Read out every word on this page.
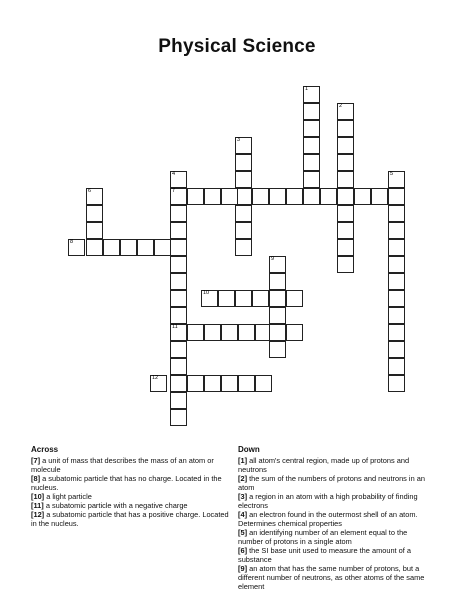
Physical Science
1
2
3
4
7
11
5
6
8
9
10
12
Across

[7] a unit of mass that describes the mass of an atom or molecule

[8] a subatomic particle that has no charge. Located in the nucleus.

[10] a light particle

[11] a subatomic particle with a negative charge

[12] a subatomic particle that has a positive charge. Located in the nucleus.

Down

[1] all atom's central region, made up of protons and neutrons

[2] the sum of the numbers of protons and neutrons in an atom

[3] a region in an atom with a high probability of finding electrons

[4] an electron found in the outermost shell of an atom. Determines chemical properties

[5] an identifying number of an element equal to the number of protons in a single atom

[6] the SI base unit used to measure the amount of a substance

[9] an atom that has the same number of protons, but a different number of neutrons, as other atoms of the same element
